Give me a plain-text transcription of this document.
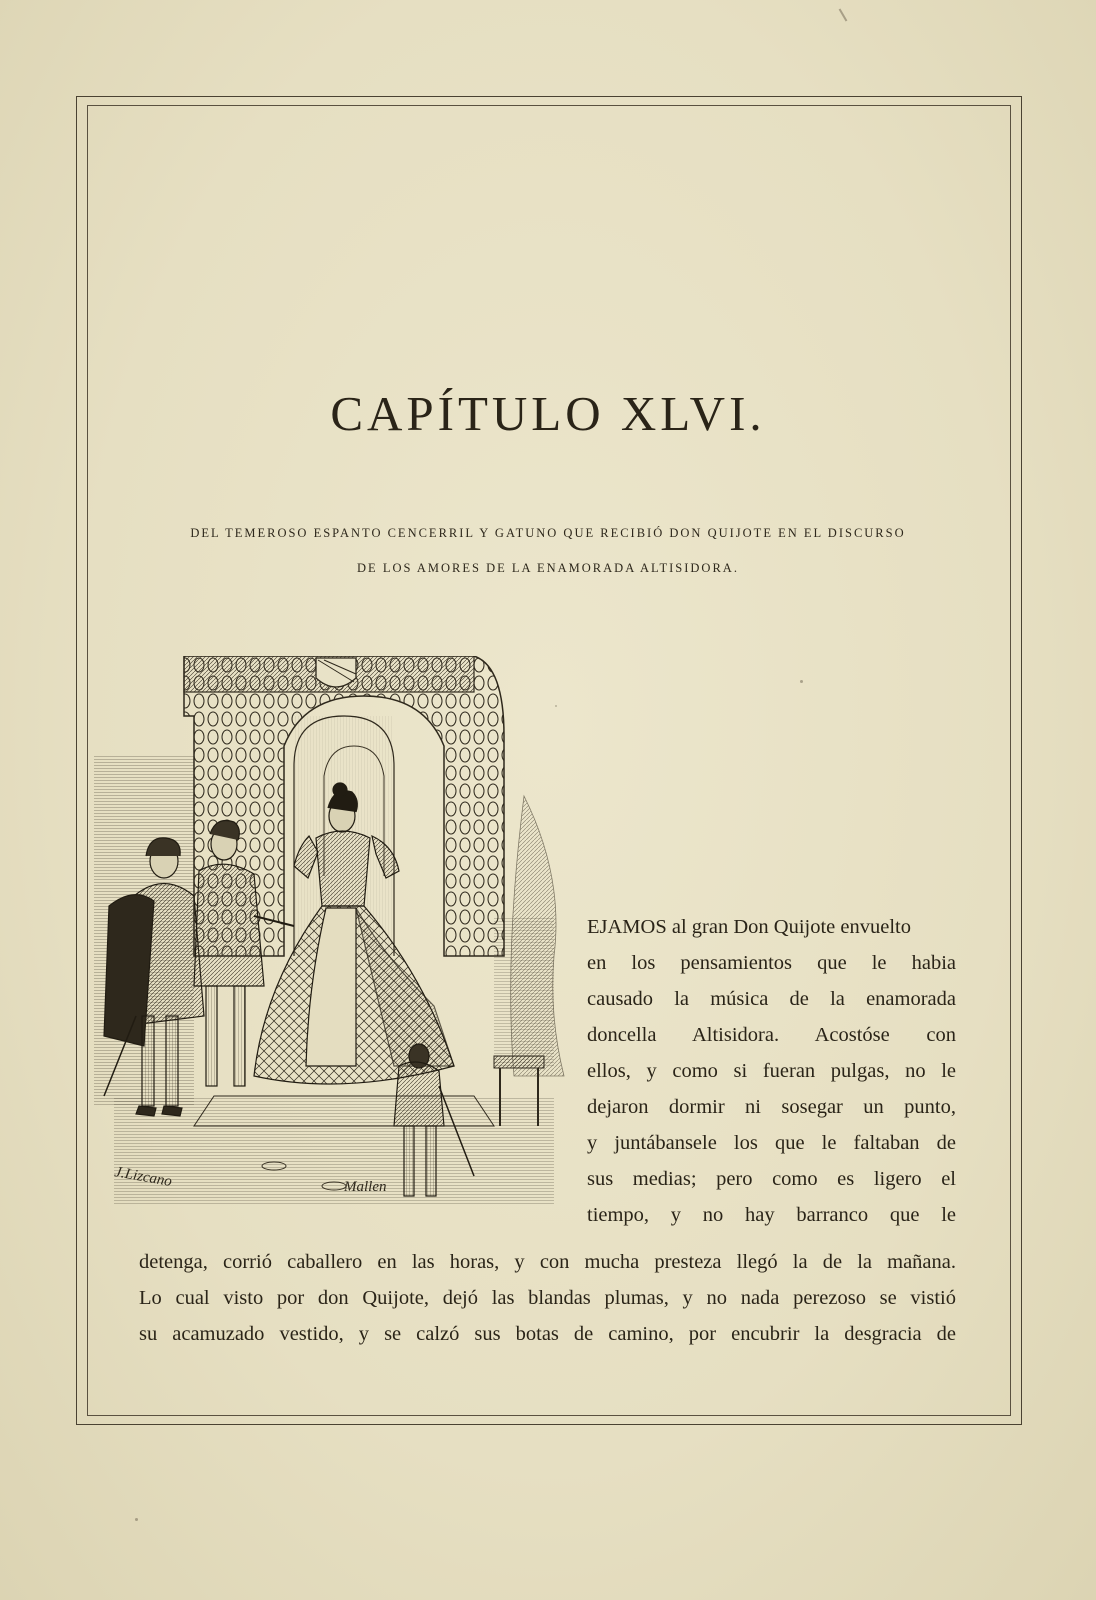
CAPÍTULO XLVI.

DEL TEMEROSO ESPANTO CENCERRIL Y GATUNO QUE RECIBIÓ DON QUIJOTE EN EL DISCURSO

DE LOS AMORES DE LA ENAMORADA ALTISIDORA.

J.Lizcano	Mallen

EJAMOS al gran Don Quijote envuelto

en los pensamientos que le habia

causado la música de la enamorada

doncella Altisidora. Acostóse con

ellos, y como si fueran pulgas, no le

dejaron dormir ni sosegar un punto,

y juntábansele los que le faltaban de

sus medias; pero como es ligero el

tiempo, y no hay barranco que le

detenga, corrió caballero en las horas, y con mucha presteza llegó la de la mañana.

Lo cual visto por don Quijote, dejó las blandas plumas, y no nada perezoso se vistió

su acamuzado vestido, y se calzó sus botas de camino, por encubrir la desgracia de
